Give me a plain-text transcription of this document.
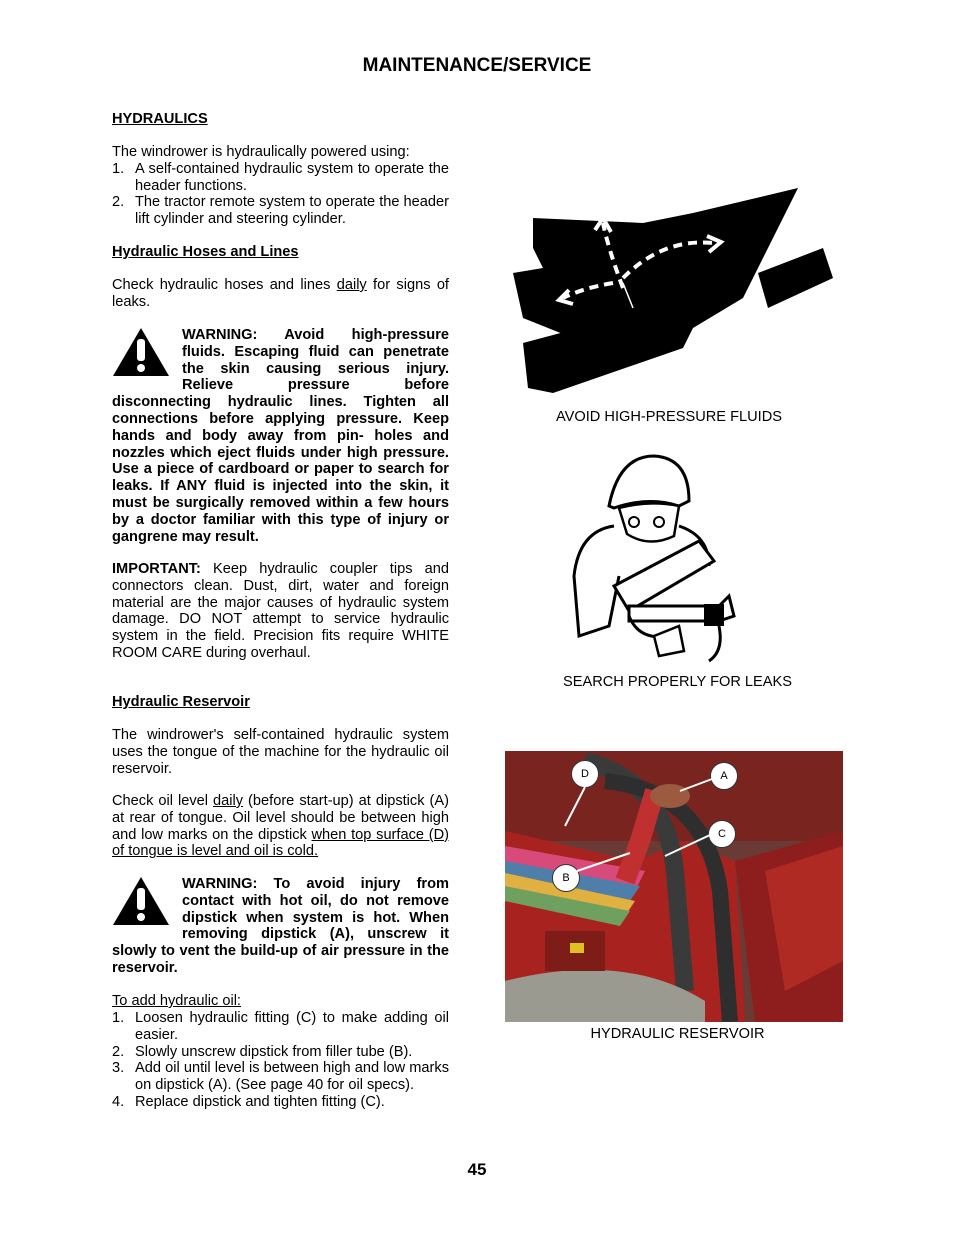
MAINTENANCE/SERVICE
HYDRAULICS
The windrower is hydraulically powered using:
1. A self-contained hydraulic system to operate the header functions.
2. The tractor remote system to operate the header lift cylinder and steering cylinder.
Hydraulic Hoses and Lines
Check hydraulic hoses and lines daily for signs of leaks.
WARNING: Avoid high-pressure fluids. Escaping fluid can penetrate the skin causing serious injury. Relieve pressure before disconnecting hydraulic lines. Tighten all connections before applying pressure. Keep hands and body away from pin- holes and nozzles which eject fluids under high pressure. Use a piece of cardboard or paper to search for leaks. If ANY fluid is injected into the skin, it must be surgically removed within a few hours by a doctor familiar with this type of injury or gangrene may result.
IMPORTANT: Keep hydraulic coupler tips and connectors clean. Dust, dirt, water and foreign material are the major causes of hydraulic system damage. DO NOT attempt to service hydraulic system in the field. Precision fits require WHITE ROOM CARE during overhaul.
Hydraulic Reservoir
The windrower's self-contained hydraulic system uses the tongue of the machine for the hydraulic oil reservoir.
Check oil level daily (before start-up) at dipstick (A) at rear of tongue. Oil level should be between high and low marks on the dipstick when top surface (D) of tongue is level and oil is cold.
WARNING: To avoid injury from contact with hot oil, do not remove dipstick when system is hot. When removing dipstick (A), unscrew it slowly to vent the build-up of air pressure in the reservoir.
To add hydraulic oil:
1. Loosen hydraulic fitting (C) to make adding oil easier.
2. Slowly unscrew dipstick from filler tube (B).
3. Add oil until level is between high and low marks on dipstick (A). (See page 40 for oil specs).
4. Replace dipstick and tighten fitting (C).
AVOID HIGH-PRESSURE FLUIDS
SEARCH PROPERLY FOR LEAKS
D	A
C
B
HYDRAULIC RESERVOIR
45
